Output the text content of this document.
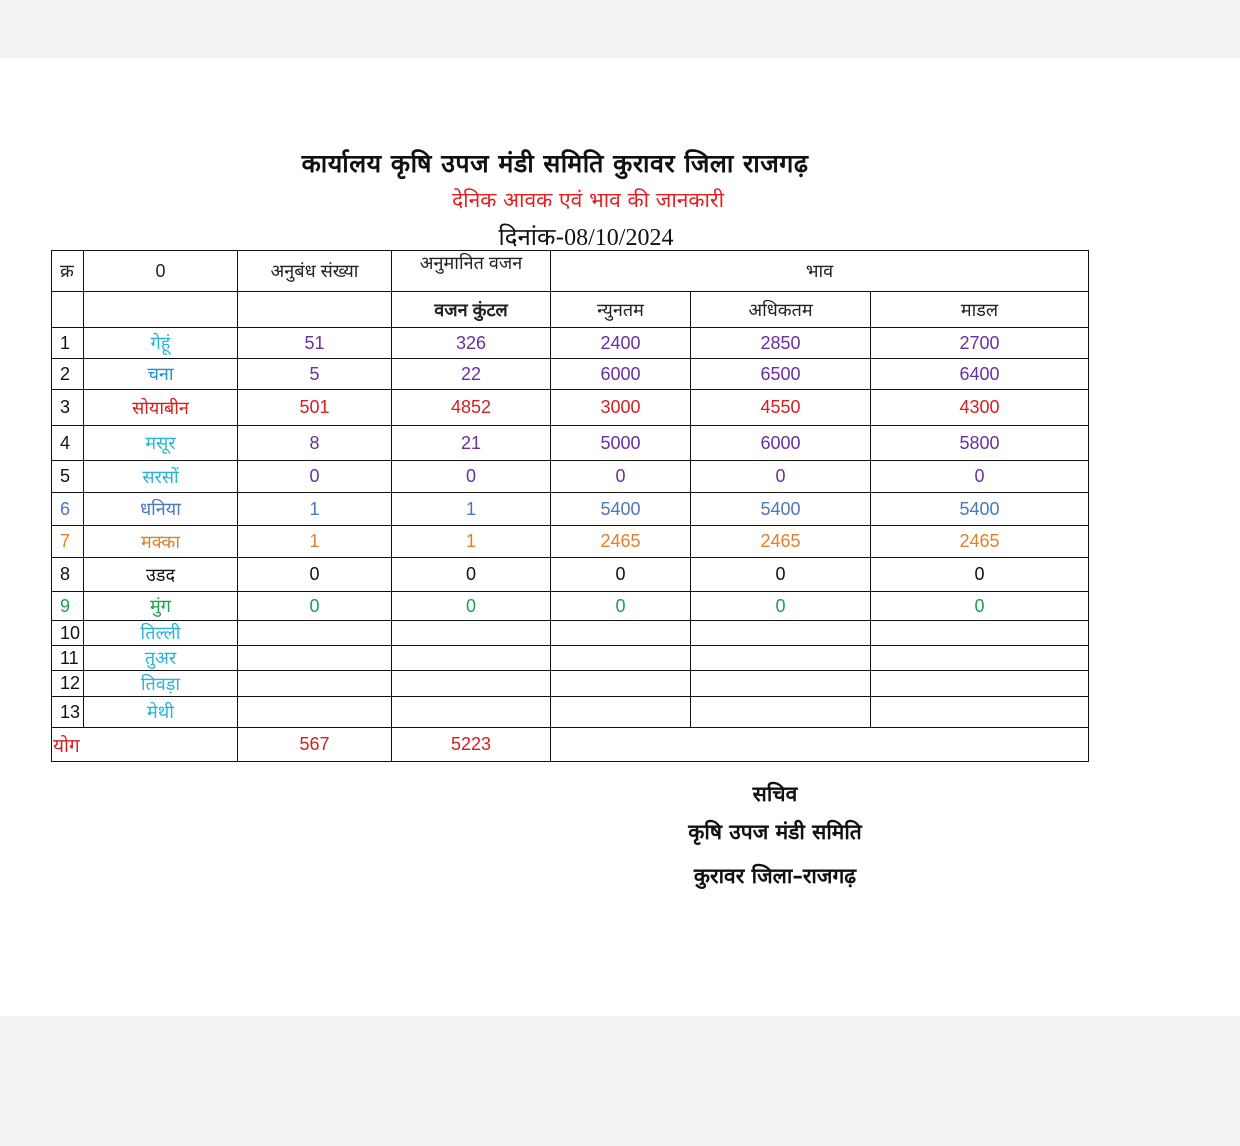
कार्यालय कृषि उपज मंडी समिति कुरावर जिला राजगढ़
देनिक आवक एवं भाव की जानकारी
दिनांक-08/10/2024
क्र	0	अनुबंध संख्या	अनुमानित वजन	भाव		
			वजन कुंटल	न्युनतम	अधिकतम	माडल
1	गेहूं	51	326	2400	2850	2700
2	चना	5	22	6000	6500	6400
3	सोयाबीन	501	4852	3000	4550	4300
4	मसूर	8	21	5000	6000	5800
5	सरसों	0	0	0	0	0
6	धनिया	1	1	5400	5400	5400
7	मक्का	1	1	2465	2465	2465
8	उडद	0	0	0	0	0
9	मुंग	0	0	0	0	0
10	तिल्ली					
11	तुअर					
12	तिवड़ा					
13	मेथी					
योग		567	5223			
सचिव
कृषि उपज मंडी समिति
कुरावर जिला–राजगढ़
